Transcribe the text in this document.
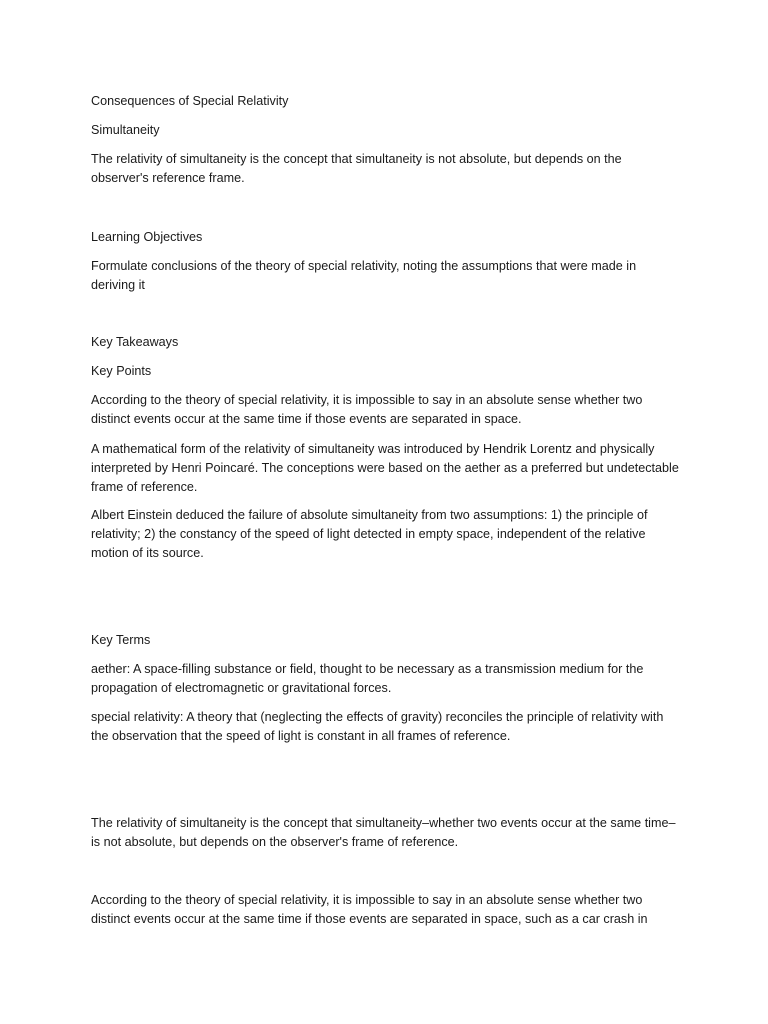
Consequences of Special Relativity

Simultaneity

The relativity of simultaneity is the concept that simultaneity is not absolute, but depends on the observer's reference frame.

Learning Objectives

Formulate conclusions of the theory of special relativity, noting the assumptions that were made in deriving it

Key Takeaways

Key Points

According to the theory of special relativity, it is impossible to say in an absolute sense whether two distinct events occur at the same time if those events are separated in space.

A mathematical form of the relativity of simultaneity was introduced by Hendrik Lorentz and physically interpreted by Henri Poincaré. The conceptions were based on the aether as a preferred but undetectable frame of reference.

Albert Einstein deduced the failure of absolute simultaneity from two assumptions: 1) the principle of relativity; 2) the constancy of the speed of light detected in empty space, independent of the relative motion of its source.

Key Terms

aether: A space-filling substance or field, thought to be necessary as a transmission medium for the propagation of electromagnetic or gravitational forces.

special relativity: A theory that (neglecting the effects of gravity) reconciles the principle of relativity with the observation that the speed of light is constant in all frames of reference.

The relativity of simultaneity is the concept that simultaneity–whether two events occur at the same time–is not absolute, but depends on the observer's frame of reference.

According to the theory of special relativity, it is impossible to say in an absolute sense whether two distinct events occur at the same time if those events are separated in space, such as a car crash in
